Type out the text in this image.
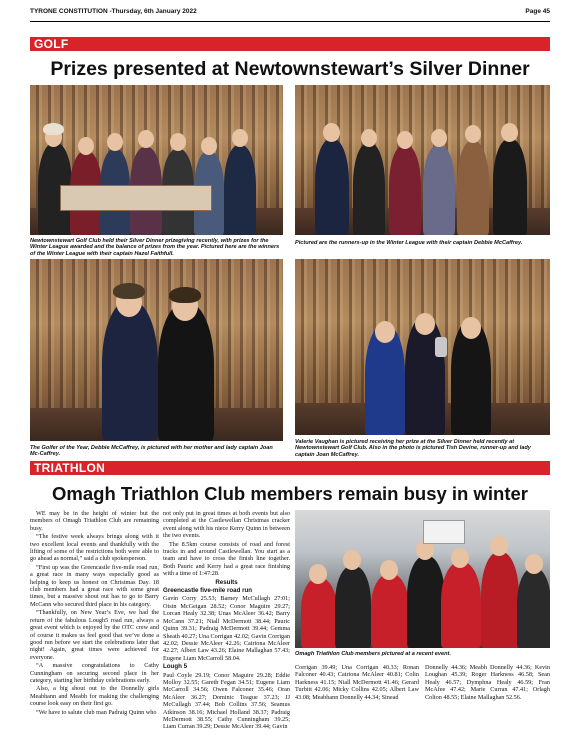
TYRONE CONSTITUTION -Thursday, 6th January 2022	Page 45
GOLF
Prizes presented at Newtownstewart’s Silver Dinner
Newtownstewart Golf Club held their Silver Dinner prizegiving recently, with prizes for the Winter League awarded and the balance of prizes from the year. Pictured here are the winners of the Winter League with their captain Hazel Faithfull.
Pictured are the runners-up in the Winter League with their captain Debbie McCaffrey.
The Golfer of the Year, Debbie McCaffrey, is pictured with her mother and lady captain Joan Mc-Caffrey.
Valerie Vaughan is pictured receiving her prize at the Silver Dinner held recently at Newtownstewart Golf Club. Also in the photo is pictured Tish Devine, runner-up and lady captain Joan McCaffrey.
TRIATHLON
Omagh Triathlon Club members remain busy in winter

WE may be in the height of winter but the members of Omagh Triathlon Club are remaining busy.

“The festive week always brings along with it two excellent local events and thankfully with the lifting of some of the restrictions both were able to go ahead as normal,” said a club spokesperson.

“First up was the Greencastle five-mile road run, a great race in many ways especially good as helping to keep us honest on Christmas Day. 18 club members had a great race with some great times, but a massive shout out has to go to Barry McCann who secured third place in his category.

“Thankfully, on New Year’s Eve, we had the return of the fabulous Lough5 road run, always a great event which is enjoyed by the OTC crew and of course it makes us feel good that we’ve done a good run before we start the celebrations later that night! Again, great times were achieved for everyone.

“A massive congratulations to Cathy Cunningham on securing second place in her category, starting her birthday celebrations early.

Also, a big shout out to the Donnelly girls Meabhann and Meabh for making the challenging course look easy on their first go.

“We have to salute club man Padraig Quinn who

not only put in great times at both events but also completed at the Castlewellan Christmas cracker event along with his niece Kerry Quinn in between the two events.

The 8.5km course consists of road and forest tracks in and around Castlewellan. You start as a team and have to cross the finish line together. Both Pauric and Kerry had a great race finishing with a time of 1:47:28.

Results

Greencastle five-mile road run

Gavin Corry 25.53; Barney McCullagh 27:01; Oisin McGeigan 28.52; Conor Maguire 29.27; Lorcan Healy 32.38; Unas McAleer 36.42; Barry McCann 37.21; Niall McDermott 38.44; Pauric Quinn 39.31; Padraig McDermott 39.44; Gemma Sheath 40.27; Una Corrigan 42.02; Gavin Corrigan 42.02; Dessie McAleer 42.26; Catriona McAleer 42.27; Albert Law 43.26; Elaine Mallaghan 57.43; Eugene Liam McCarroll 58.04.

Lough 5

Paul Coyle 29.19; Conor Maguire 29.28; Eddie Molloy 32.55; Gareth Fegan 34.51; Eugene Liam McCarroll 34.56; Owen Falconer 35.46; Oran McAleer 36.27; Dominic Teague 37.23; JJ McCullagh 37.44; Bob Collins 37.56; Seamus Atkinson 38.16; Michael Holland 38.37; Padraig McDermott 38.55; Cathy Cunningham 39.25; Liam Curran 39.29; Dessie McAleer 39.44; Gavin

Omagh Triathlon Club members pictured at a recent event.
Corrigan 39.49; Una Corrigan 40.33; Ronan Falconer 40.43; Catriona McAleer 40.81; Colin Harkness 41.15; Niall McDermott 41.46; Gerard Turbitt 42.06; Micky Collins 42.05; Albert Law 43.08; Meabhann Donnelly 44.34; Sinead
Donnelly 44.36; Meabh Donnelly 44.36; Kevin Loughan 45.39; Roger Harkness 46.58; Sean Healy 46.57; Dymphna Healy 46.59; Fran McAfee 47.42; Marie Curran 47.41; Orlagh Colton 48.55; Elaine Mallaghan 52.56.
